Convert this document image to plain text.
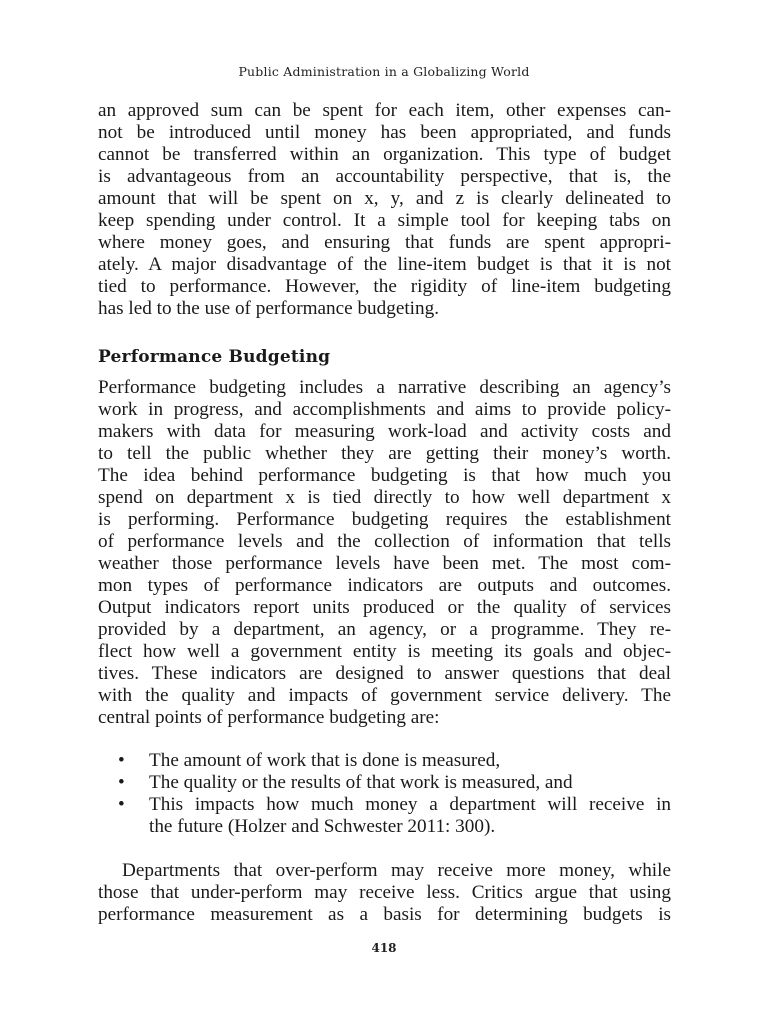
Public Administration in a Globalizing World
an approved sum can be spent for each item, other expenses can-
not be introduced until money has been appropriated, and funds
cannot be transferred within an organization. This type of budget
is advantageous from an accountability perspective, that is, the
amount that will be spent on x, y, and z is clearly delineated to
keep spending under control. It a simple tool for keeping tabs on
where money goes, and ensuring that funds are spent appropri-
ately. A major disadvantage of the line-item budget is that it is not
tied to performance. However, the rigidity of line-item budgeting
has led to the use of performance budgeting.
Performance Budgeting
Performance budgeting includes a narrative describing an agency’s
work in progress, and accomplishments and aims to provide policy-
makers with data for measuring work-load and activity costs and
to tell the public whether they are getting their money’s worth.
The idea behind performance budgeting is that how much you
spend on department x is tied directly to how well department x
is performing. Performance budgeting requires the establishment
of performance levels and the collection of information that tells
weather those performance levels have been met. The most com-
mon types of performance indicators are outputs and outcomes.
Output indicators report units produced or the quality of services
provided by a department, an agency, or a programme. They re-
flect how well a government entity is meeting its goals and objec-
tives. These indicators are designed to answer questions that deal
with the quality and impacts of government service delivery. The
central points of performance budgeting are:
• The amount of work that is done is measured,
• The quality or the results of that work is measured, and
• This impacts how much money a department will receive in
the future (Holzer and Schwester 2011: 300).
Departments that over-perform may receive more money, while
those that under-perform may receive less. Critics argue that using
performance measurement as a basis for determining budgets is
418
